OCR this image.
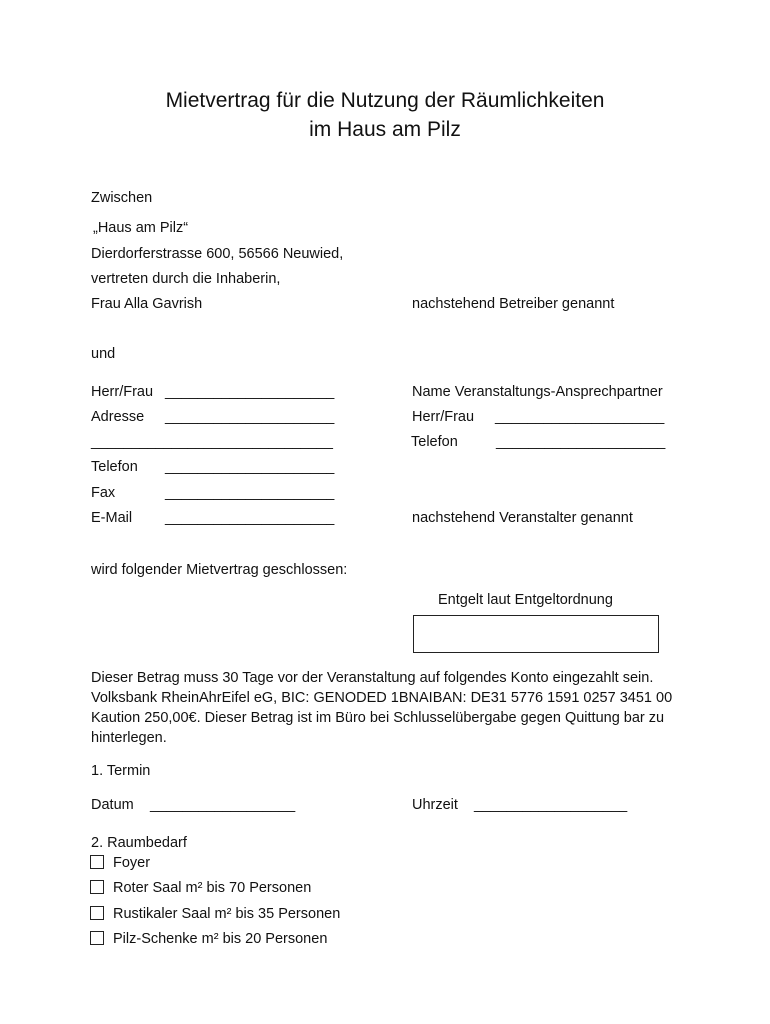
Mietvertrag für die Nutzung der Räumlichkeiten
im Haus am Pilz
Zwischen
„Haus am Pilz“
Dierdorferstrasse 600, 56566 Neuwied,
vertreten durch die Inhaberin,
Frau Alla Gavrish	nachstehend Betreiber genannt
und
Herr/Frau _____________________	Name Veranstaltungs-Ansprechpartner
Adresse _____________________	Herr/Frau _____________________
______________________________	Telefon	_____________________
Telefon _____________________
Fax	_____________________
E-Mail _____________________	nachstehend Veranstalter genannt
wird folgender Mietvertrag geschlossen:
Entgelt laut Entgeltordnung
Dieser Betrag muss 30 Tage vor der Veranstaltung auf folgendes Konto eingezahlt sein.
Volksbank RheinAhrEifel eG, BIC: GENODED 1BNAIBAN: DE31 5776 1591 0257 3451 00
Kaution 250,00€. Dieser Betrag ist im Büro bei Schlusselübergabe gegen Quittung bar zu
hinterlegen.
1. Termin
Datum __________________	Uhrzeit ___________________
2. Raumbedarf
Foyer
Roter Saal m² bis 70 Personen
Rustikaler Saal m² bis 35 Personen
Pilz-Schenke m² bis 20 Personen
